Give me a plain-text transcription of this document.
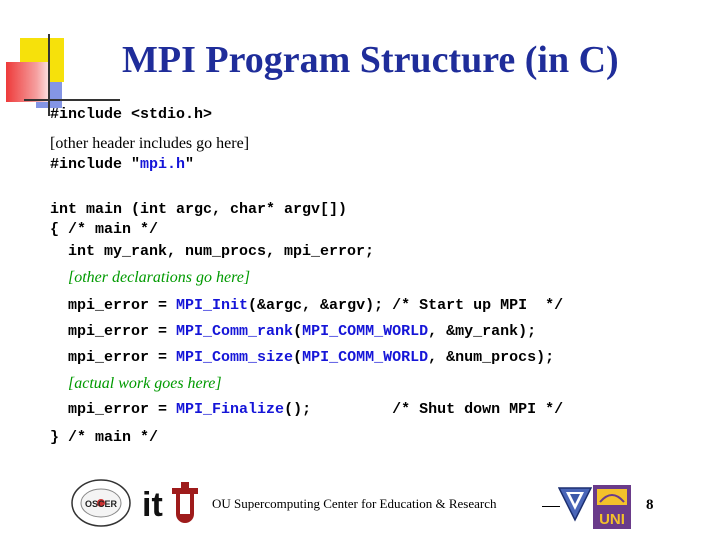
MPI Program Structure (in C)
#include <stdio.h>
[other header includes go here]
#include "mpi.h"
int main (int argc, char* argv[])
{ /* main */
int my_rank, num_procs, mpi_error;
[other declarations go here]
mpi_error = MPI_Init(&argc, &argv); /* Start up MPI  */
mpi_error = MPI_Comm_rank(MPI_COMM_WORLD, &my_rank);
mpi_error = MPI_Comm_size(MPI_COMM_WORLD, &num_procs);
[actual work goes here]
mpi_error = MPI_Finalize();         /* Shut down MPI */
} /* main */
OSCER it	OU Supercomputing Center for Education & Research
UNI
8
